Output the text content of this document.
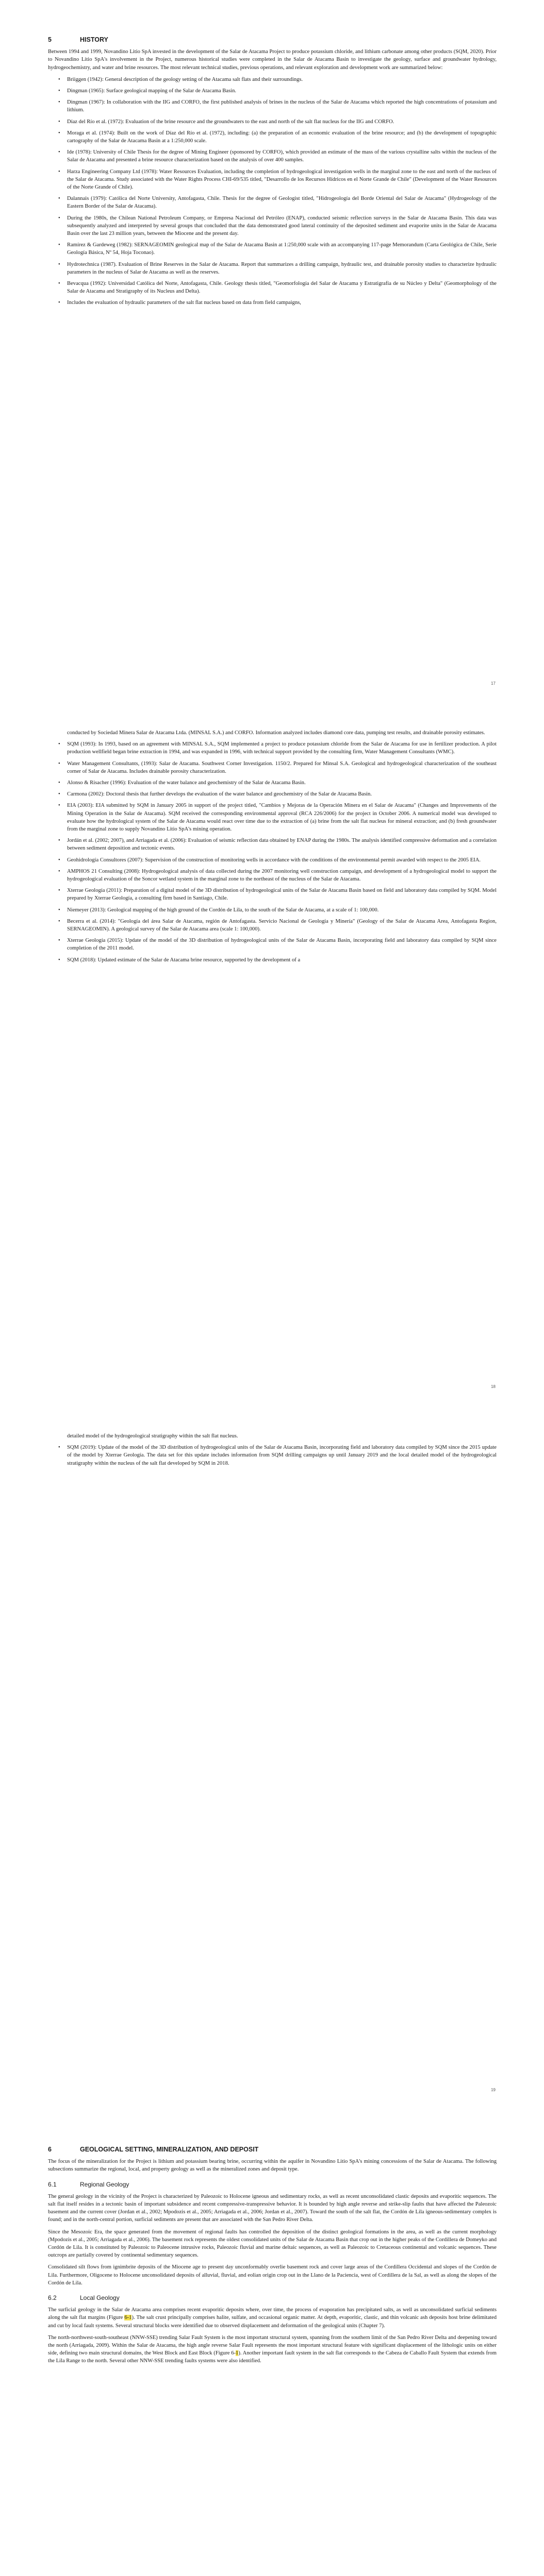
5	HISTORY

Between 1994 and 1999, Novandino Litio SpA invested in the development of the Salar de Atacama Project to produce potassium chloride, and lithium carbonate among other products (SQM, 2020). Prior to Novandino Litio SpA's involvement in the Project, numerous historical studies were completed in the Salar de Atacama Basin to investigate the geology, surface and groundwater hydrology, hydrogeochemistry, and water and brine resources. The most relevant technical studies, previous operations, and relevant exploration and development work are summarized below:

• Briiggen (1942): General description of the geology setting of the Atacama salt flats and their surroundings.
• Dingman (1965): Surface geological mapping of the Salar de Atacama Basin.
• Dingman (1967): In collaboration with the IIG and CORFO, the first published analysis of brines in the nucleus of the Salar de Atacama which reported the high concentrations of potassium and lithium.
• Díaz del Río et al. (1972): Evaluation of the brine resource and the groundwaters to the east and north of the salt flat nucleus for the IIG and CORFO.
• Moraga et al. (1974): Built on the work of Díaz del Río et al. (1972), including: (a) the preparation of an economic evaluation of the brine resource; and (b) the development of topographic cartography of the Salar de Atacama Basin at a 1:250,000 scale.
• Ide (1978): University of Chile Thesis for the degree of Mining Engineer (sponsored by CORFO), which provided an estimate of the mass of the various crystalline salts within the nucleus of the Salar de Atacama and presented a brine resource characterization based on the analysis of over 400 samples.
• Harza Engineering Company Ltd (1978): Water Resources Evaluation, including the completion of hydrogeological investigation wells in the marginal zone to the east and north of the nucleus of the Salar de Atacama. Study associated with the Water Rights Process CHI-69/535 titled, "Desarrollo de los Recursos Hídricos en el Norte Grande de Chile" (Development of the Water Resources of the Norte Grande of Chile).
• Dalannais (1979): Católica del Norte University, Antofagasta, Chile. Thesis for the degree of Geologist titled, "Hidrogeología del Borde Oriental del Salar de Atacama" (Hydrogeology of the Eastern Border of the Salar de Atacama).
• During the 1980s, the Chilean National Petroleum Company, or Empresa Nacional del Petróleo (ENAP), conducted seismic reflection surveys in the Salar de Atacama Basin. This data was subsequently analyzed and interpreted by several groups that concluded that the data demonstrated good lateral continuity of the deposited sediment and evaporite units in the Salar de Atacama Basin over the last 23 million years, between the Miocene and the present day.
• Ramírez & Gardeweg (1982): SERNAGEOMIN geological map of the Salar de Atacama Basin at 1:250,000 scale with an accompanying 117-page Memorandum (Carta Geológica de Chile, Serie Geología Básica, Nº 54, Hoja Toconao).
• Hydrotechnica (1987). Evaluation of Brine Reserves in the Salar de Atacama. Report that summarizes a drilling campaign, hydraulic test, and drainable porosity studies to characterize hydraulic parameters in the nucleus of Salar de Atacama as well as the reserves.
• Bevacqua (1992): Universidad Católica del Norte, Antofagasta, Chile. Geology thesis titled, "Geomorfología del Salar de Atacama y Estratigrafía de su Núcleo y Delta" (Geomorphology of the Salar de Atacama and Stratigraphy of its Nucleus and Delta).
• Includes the evaluation of hydraulic parameters of the salt flat nucleus based on data from field campaigns,
17

conducted by Sociedad Minera Salar de Atacama Ltda. (MINSAL S.A.) and CORFO. Information analyzed includes diamond core data, pumping test results, and drainable porosity estimates.

• SQM (1993): In 1993, based on an agreement with MINSAL S.A., SQM implemented a project to produce potassium chloride from the Salar de Atacama for use in fertilizer production. A pilot production wellfield began brine extraction in 1994, and was expanded in 1996, with technical support provided by the consulting firm, Water Management Consultants (WMC).
• Water Management Consultants, (1993): Salar de Atacama. Southwest Corner Investigation. 1150/2. Prepared for Minsal S.A. Geological and hydrogeological characterization of the southeast corner of Salar de Atacama. Includes drainable porosity characterization.
• Alonso & Risacher (1996): Evaluation of the water balance and geochemistry of the Salar de Atacama Basin.
• Carmona (2002): Doctoral thesis that further develops the evaluation of the water balance and geochemistry of the Salar de Atacama Basin.
• EIA (2003): EIA submitted by SQM in January 2005 in support of the project titled, "Cambios y Mejoras de la Operación Minera en el Salar de Atacama" (Changes and Improvements of the Mining Operation in the Salar de Atacama). SQM received the corresponding environmental approval (RCA 226/2006) for the project in October 2006. A numerical model was developed to evaluate how the hydrological system of the Salar de Atacama would react over time due to the extraction of (a) brine from the salt flat nucleus for mineral extraction; and (b) fresh groundwater from the marginal zone to supply Novandino Litio SpA's mining operation.
• Jordán et al. (2002; 2007), and Arriagada et al. (2006): Evaluation of seismic reflection data obtained by ENAP during the 1980s. The analysis identified compressive deformation and a correlation between sediment deposition and tectonic events.
• Geohidrología Consultores (2007): Supervision of the construction of monitoring wells in accordance with the conditions of the environmental permit awarded with respect to the 2005 EIA.
• AMPHOS 21 Consulting (2008): Hydrogeological analysis of data collected during the 2007 monitoring well construction campaign, and development of a hydrogeological model to support the hydrogeological evaluation of the Soncor wetland system in the marginal zone to the northeast of the nucleus of the Salar de Atacama.
• Xterrae Geología (2011): Preparation of a digital model of the 3D distribution of hydrogeological units of the Salar de Atacama Basin based on field and laboratory data compiled by SQM. Model prepared by Xterrae Geología, a consulting firm based in Santiago, Chile.
• Niemeyer (2013): Geological mapping of the high ground of the Cordón de Lila, to the south of the Salar de Atacama, at a scale of 1: 100,000.
• Becerra et al. (2014): "Geología del área Salar de Atacama, región de Antofagasta. Servicio Nacional de Geología y Minería" (Geology of the Salar de Atacama Area, Antofagasta Region, SERNAGEOMIN). A geological survey of the Salar de Atacama area (scale 1: 100,000).
• Xterrae Geología (2015): Update of the model of the 3D distribution of hydrogeological units of the Salar de Atacama Basin, incorporating field and laboratory data compiled by SQM since completion of the 2011 model.
• SQM (2018): Updated estimate of the Salar de Atacama brine resource, supported by the development of a
18

detailed model of the hydrogeological stratigraphy within the salt flat nucleus.

• SQM (2019): Update of the model of the 3D distribution of hydrogeological units of the Salar de Atacama Basin, incorporating field and laboratory data compiled by SQM since the 2015 update of the model by Xterrae Geología. The data set for this update includes information from SQM drilling campaigns up until January 2019 and the local detailed model of the hydrogeological stratigraphy within the nucleus of the salt flat developed by SQM in 2018.
19
6	GEOLOGICAL SETTING, MINERALIZATION, AND DEPOSIT

The focus of the mineralization for the Project is lithium and potassium bearing brine, occurring within the aquifer in Novandino Litio SpA's mining concessions of the Salar de Atacama. The following subsections summarize the regional, local, and property geology as well as the mineralized zones and deposit type.

6.1	Regional Geology

The general geology in the vicinity of the Project is characterized by Paleozoic to Holocene igneous and sedimentary rocks, as well as recent unconsolidated clastic deposits and evaporitic sequences. The salt flat itself resides in a tectonic basin of important subsidence and recent compressive-transpressive behavior. It is bounded by high angle reverse and strike-slip faults that have affected the Paleozoic basement and the current cover (Jordan et al., 2002; Mpodozis et al., 2005; Arriagada et al., 2006; Jordan et al., 2007). Toward the south of the salt flat, the Cordón de Lila igneous-sedimentary complex is found; and in the north-central portion, surficial sediments are present that are associated with the San Pedro River Delta.

Since the Mesozoic Era, the space generated from the movement of regional faults has controlled the deposition of the distinct geological formations in the area, as well as the current morphology (Mpodozis et al., 2005; Arriagada et al., 2006). The basement rock represents the oldest consolidated units of the Salar de Atacama Basin that crop out in the higher peaks of the Cordillera de Domeyko and Cordón de Lila. It is constituted by Paleozoic to Paleocene intrusive rocks, Paleozoic fluvial and marine deltaic sequences, as well as Paleozoic to Cretaceous continental and volcanic sequences. These outcrops are partially covered by continental sedimentary sequences.

Consolidated silt flows from ignimbrite deposits of the Miocene age to present day unconformably overlie basement rock and cover large areas of the Cordillera Occidental and slopes of the Cordón de Lila. Furthermore, Oligocene to Holocene unconsolidated deposits of alluvial, fluvial, and eolian origin crop out in the Llano de la Paciencia, west of Cordillera de la Sal, as well as along the slopes of the Cordón de Lila.

6.2	Local Geology

The surficial geology in the Salar de Atacama area comprises recent evaporitic deposits where, over time, the process of evaporation has precipitated salts, as well as unconsolidated surficial sediments along the salt flat margins (Figure 6-1). The salt crust principally comprises halite, sulfate, and occasional organic matter. At depth, evaporitic, clastic, and thin volcanic ash deposits host brine delimitated and cut by local fault systems. Several structural blocks were identified due to observed displacement and deformation of the geological units (Chapter 7).

The north-northwest-south-southeast (NNW-SSE) trending Salar Fault System is the most important structural system, spanning from the southern limit of the San Pedro River Delta and deepening toward the north (Arriagada, 2009). Within the Salar de Atacama, the high angle reverse Salar Fault represents the most important structural feature with significant displacement of the lithologic units on either side, defining two main structural domains, the West Block and East Block (Figure 6-1). Another important fault system in the salt flat corresponds to the Cabeza de Caballo Fault System that extends from the Lila Range to the north. Several other NNW-SSE trending faults systems were also identified.
